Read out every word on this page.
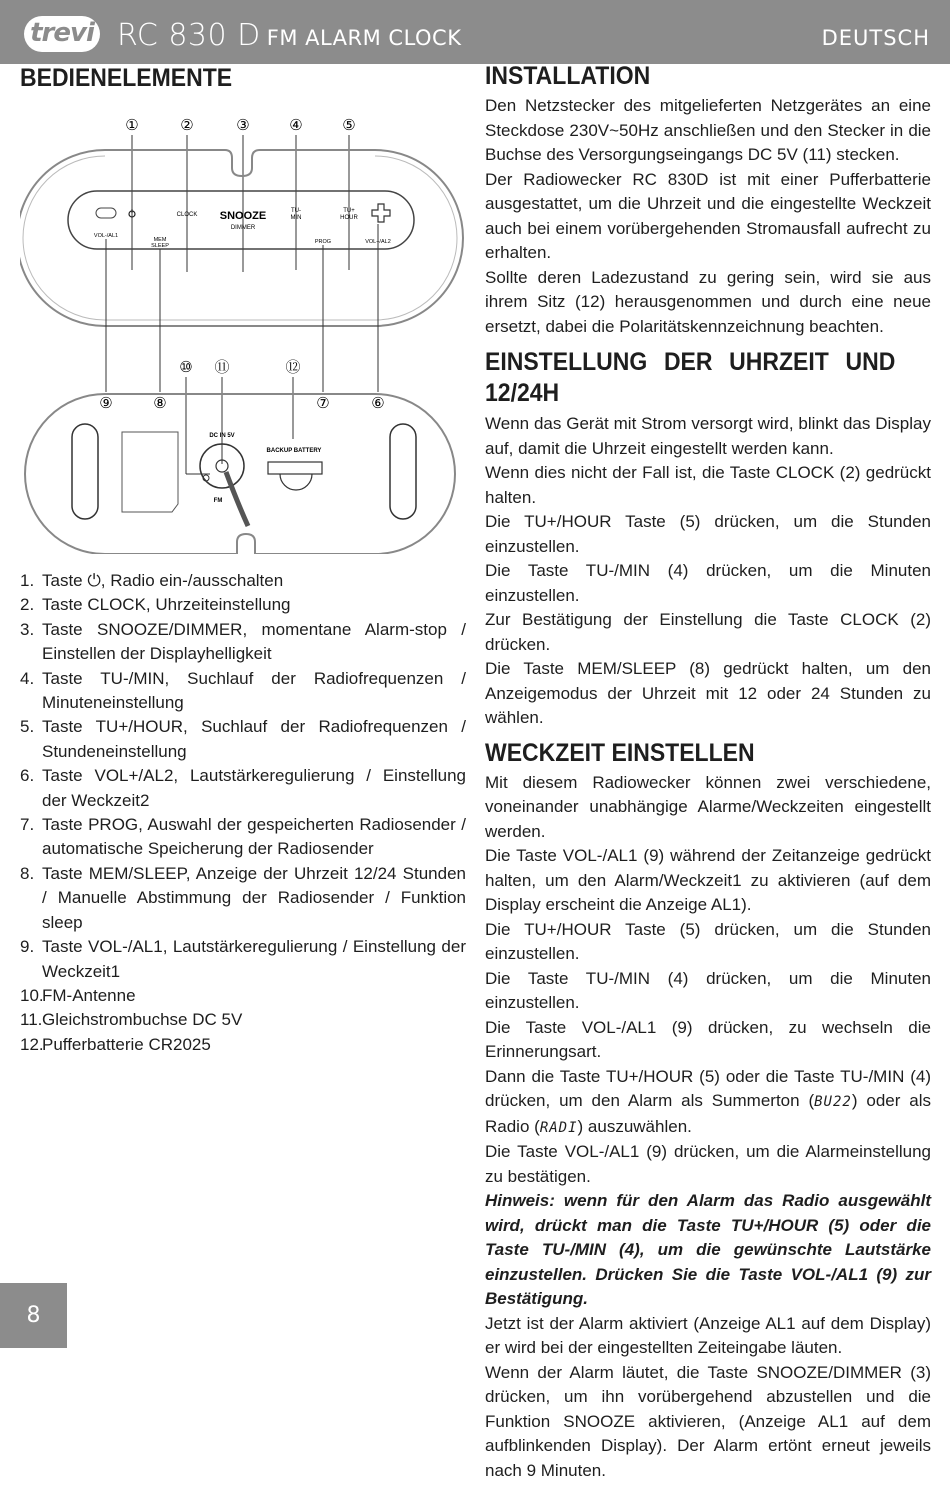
trevi RC 830 D FM ALARM CLOCK	DEUTSCH
BEDIENELEMENTE
①	②	③	④	⑤
CLOCK SNOOZE
DIMMER
TU-
MIN
TU+
HOUR
VOL-/AL1
MEM
SLEEP
PROG	VOL+/AL2
⑨	⑧	⑦	⑥
⑩ ⑪	⑫
DC IN 5V
FM
BACKUP BATTERY
1. Taste ⏻, Radio ein-/ausschalten
2. Taste CLOCK, Uhrzeiteinstellung
3. Taste SNOOZE/DIMMER, momentane Alarm-stop / Einstellen der Displayhelligkeit
4. Taste TU-/MIN, Suchlauf der Radiofrequenzen / Minuteneinstellung
5. Taste TU+/HOUR, Suchlauf der Radiofrequenzen / Stundeneinstellung
6. Taste VOL+/AL2, Lautstärkeregulierung / Einstellung der Weckzeit2
7. Taste PROG, Auswahl der gespeicherten Radiosender / automatische Speicherung der Radiosender
8. Taste MEM/SLEEP, Anzeige der Uhrzeit 12/24 Stunden / Manuelle Abstimmung der Radiosender / Funktion sleep
9. Taste VOL-/AL1, Lautstärkeregulierung / Einstellung der Weckzeit1
10.
FM-Antenne
11. Gleichstrombuchse DC 5V
12.
Pufferbatterie CR2025
INSTALLATION

Den Netzstecker des mitgelieferten Netzgerätes an eine Steckdose 230V~50Hz anschließen und den Stecker in die Buchse des Versorgungseingangs DC 5V (11) stecken.

Der Radiowecker RC 830D ist mit einer Pufferbatterie ausgestattet, um die Uhrzeit und die eingestellte Weckzeit auch bei einem vorübergehenden Stromausfall aufrecht zu erhalten.

Sollte deren Ladezustand zu gering sein, wird sie aus ihrem Sitz (12) herausgenommen und durch eine neue ersetzt, dabei die Polaritätskennzeichnung beachten.

EINSTELLUNG DER UHRZEIT UND 12/24H

Wenn das Gerät mit Strom versorgt wird, blinkt das Display auf, damit die Uhrzeit eingestellt werden kann.

Wenn dies nicht der Fall ist, die Taste CLOCK (2) gedrückt halten.

Die TU+/HOUR Taste (5) drücken, um die Stunden einzustellen.

Die Taste TU-/MIN (4) drücken, um die Minuten einzustellen.

Zur Bestätigung der Einstellung die Taste CLOCK (2) drücken.

Die Taste MEM/SLEEP (8) gedrückt halten, um den Anzeigemodus der Uhrzeit mit 12 oder 24 Stunden zu wählen.

WECKZEIT EINSTELLEN

Mit diesem Radiowecker können zwei verschiedene, voneinander unabhängige Alarme/Weckzeiten eingestellt werden.

Die Taste VOL-/AL1 (9) während der Zeitanzeige gedrückt halten, um den Alarm/Weckzeit1 zu aktivieren (auf dem Display erscheint die Anzeige AL1).

Die TU+/HOUR Taste (5) drücken, um die Stunden einzustellen.

Die Taste TU-/MIN (4) drücken, um die Minuten einzustellen.

Die Taste VOL-/AL1 (9) drücken, zu wechseln die Erinnerungsart.

Dann die Taste TU+/HOUR (5) oder die Taste TU-/MIN (4) drücken, um den Alarm als Summerton (BU22) oder als Radio (RADI) auszuwählen.

Die Taste VOL-/AL1 (9) drücken, um die Alarmeinstellung zu bestätigen.

Hinweis: wenn für den Alarm das Radio ausgewählt wird, drückt man die Taste TU+/HOUR (5) oder die Taste TU-/MIN (4), um die gewünschte Lautstärke einzustellen. Drücken Sie die Taste VOL-/AL1 (9) zur Bestätigung.

Jetzt ist der Alarm aktiviert (Anzeige AL1 auf dem Display) er wird bei der eingestellten Zeiteingabe läuten.

Wenn der Alarm läutet, die Taste SNOOZE/DIMMER (3) drücken, um ihn vorübergehend abzustellen und die Funktion SNOOZE aktivieren, (Anzeige AL1 auf dem aufblinkenden Display). Der Alarm ertönt erneut jeweils nach 9 Minuten.

8
